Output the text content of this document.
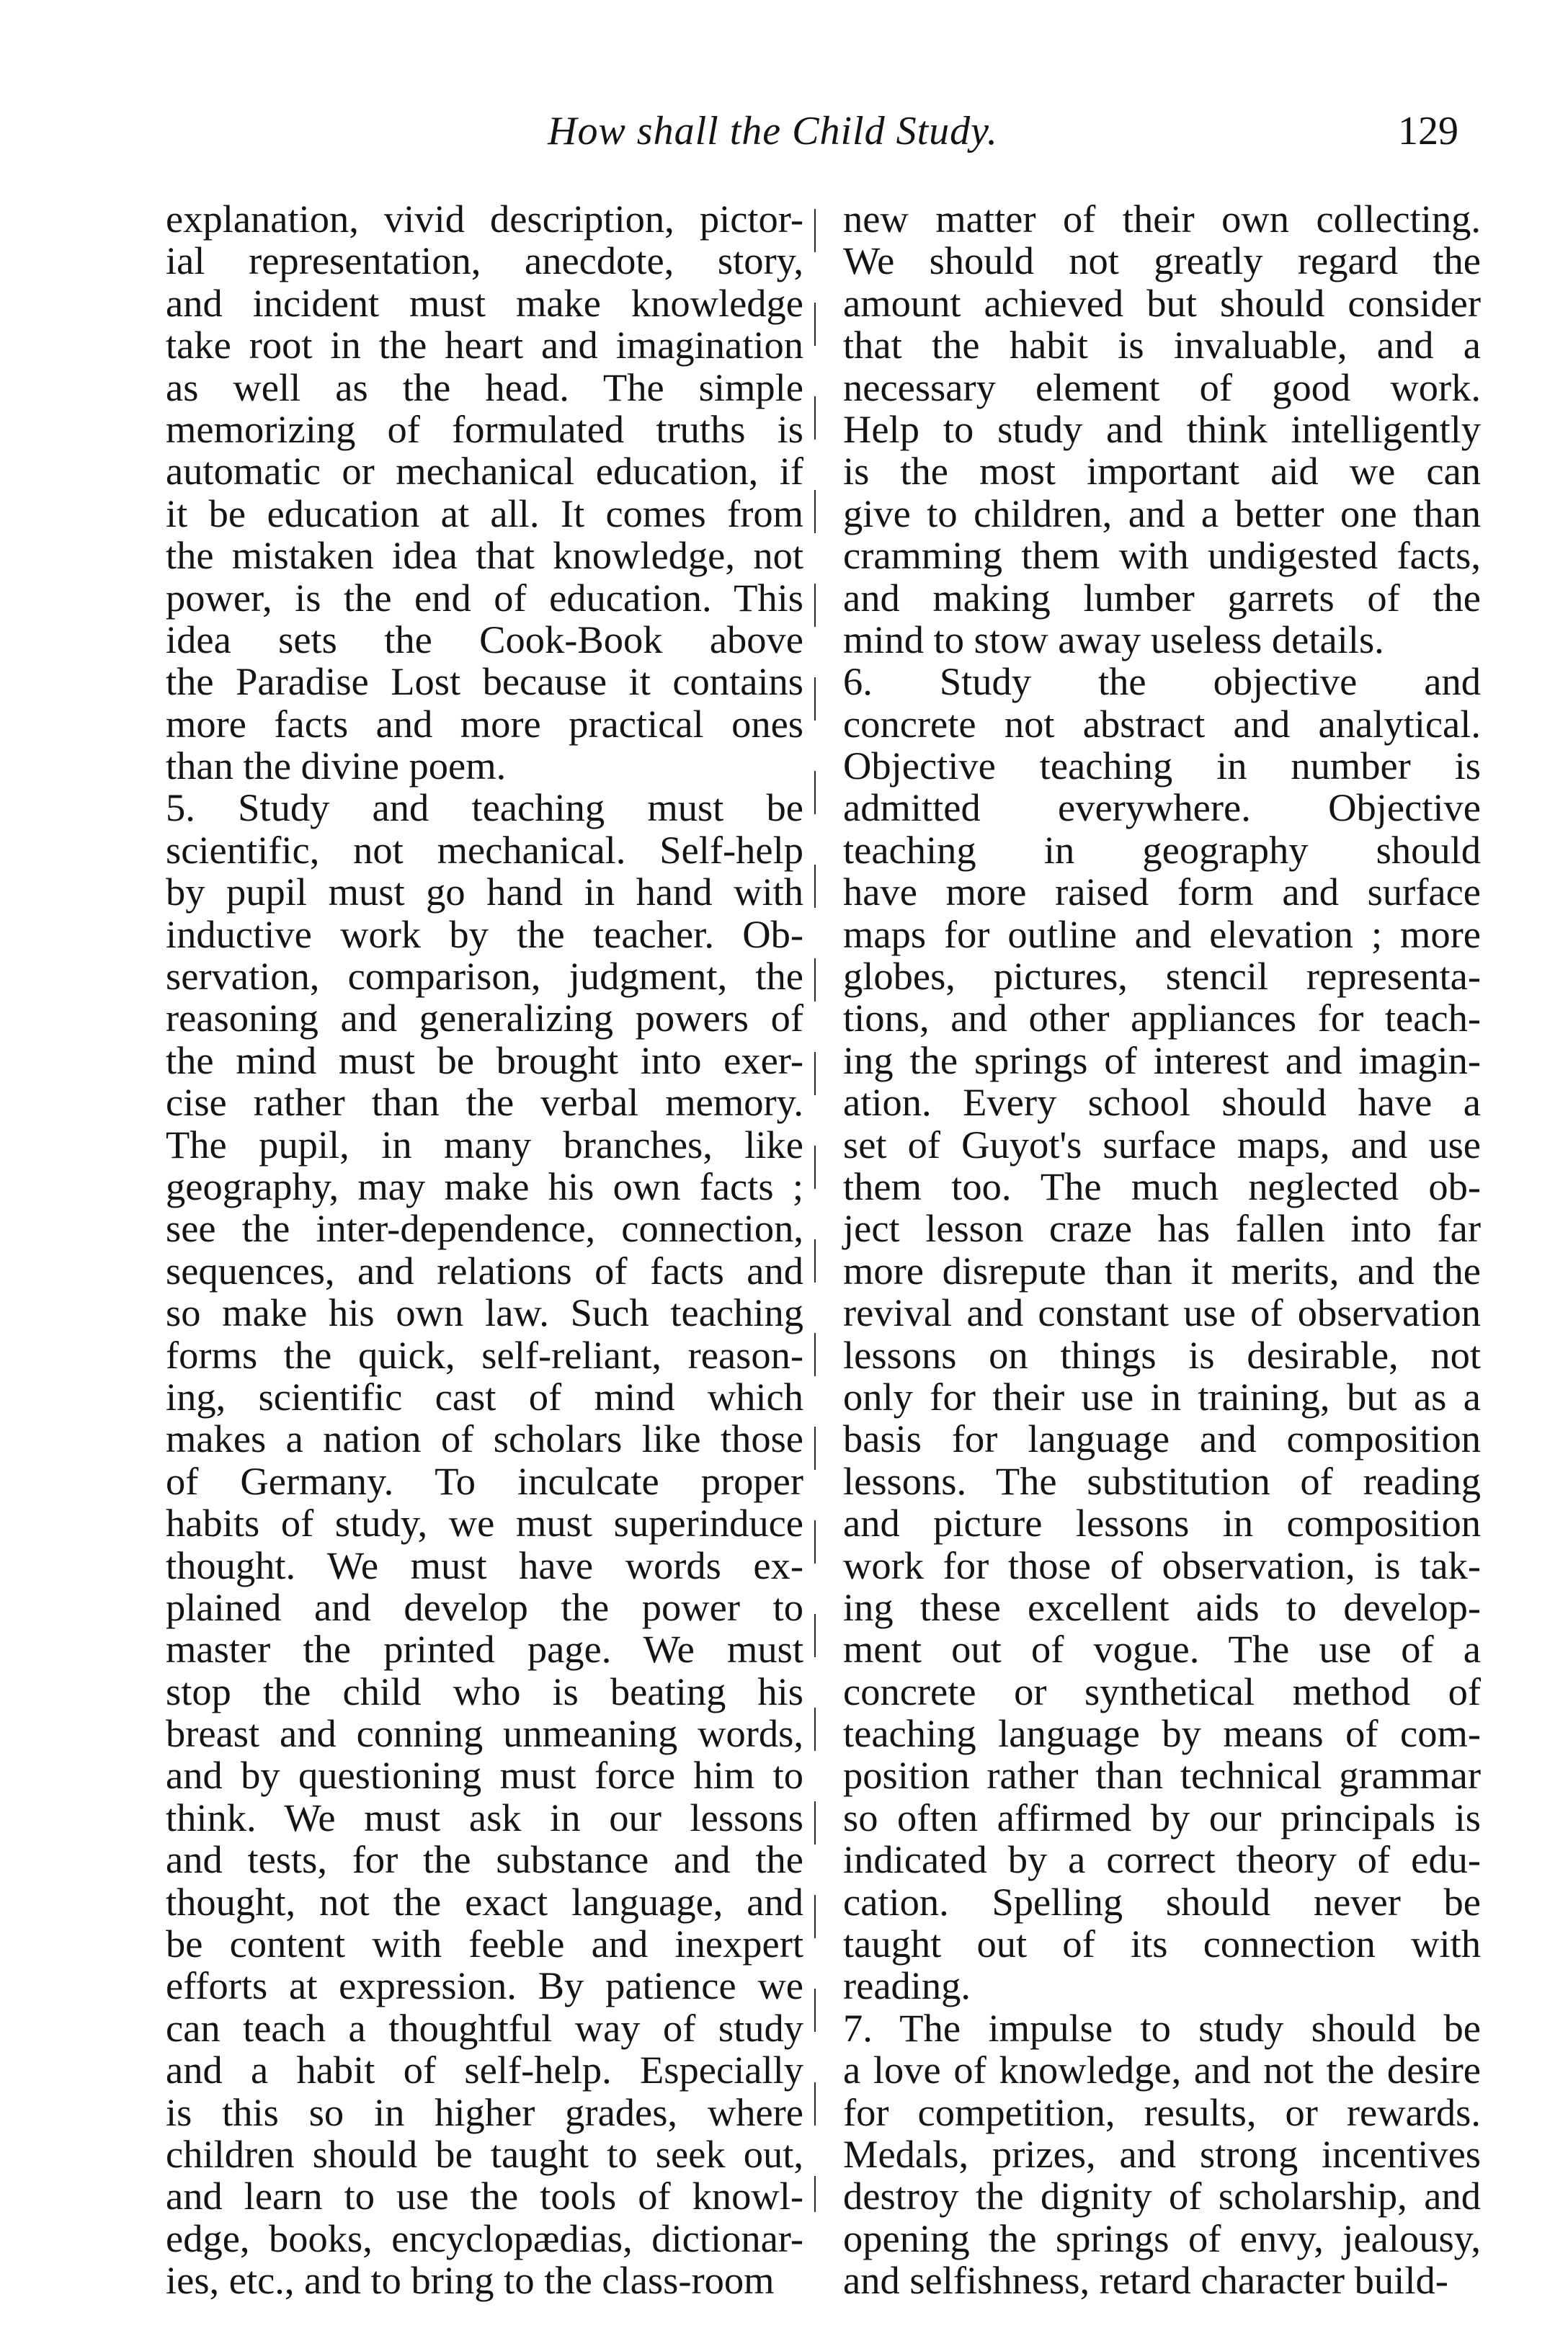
How shall the Child Study.	129
explanation, vivid description, pictor-
ial representation, anecdote, story,
and incident must make knowledge
take root in the heart and imagination
as well as the head. The simple
memorizing of formulated truths is
automatic or mechanical education, if
it be education at all. It comes from
the mistaken idea that knowledge, not
power, is the end of education. This
idea sets the Cook-Book above
the Paradise Lost because it contains
more facts and more practical ones
than the divine poem.
5. Study and teaching must be
scientific, not mechanical. Self-help
by pupil must go hand in hand with
inductive work by the teacher. Ob-
servation, comparison, judgment, the
reasoning and generalizing powers of
the mind must be brought into exer-
cise rather than the verbal memory.
The pupil, in many branches, like
geography, may make his own facts ;
see the inter-dependence, connection,
sequences, and relations of facts and
so make his own law. Such teaching
forms the quick, self-reliant, reason-
ing, scientific cast of mind which
makes a nation of scholars like those
of Germany. To inculcate proper
habits of study, we must superinduce
thought. We must have words ex-
plained and develop the power to
master the printed page. We must
stop the child who is beating his
breast and conning unmeaning words,
and by questioning must force him to
think. We must ask in our lessons
and tests, for the substance and the
thought, not the exact language, and
be content with feeble and inexpert
efforts at expression. By patience we
can teach a thoughtful way of study
and a habit of self-help. Especially
is this so in higher grades, where
children should be taught to seek out,
and learn to use the tools of knowl-
edge, books, encyclopædias, dictionar-
ies, etc., and to bring to the class-room
new matter of their own collecting.
We should not greatly regard the
amount achieved but should consider
that the habit is invaluable, and a
necessary element of good work.
Help to study and think intelligently
is the most important aid we can
give to children, and a better one than
cramming them with undigested facts,
and making lumber garrets of the
mind to stow away useless details.
6. Study the objective and
concrete not abstract and analytical.
Objective teaching in number is
admitted everywhere. Objective
teaching in geography should
have more raised form and surface
maps for outline and elevation ; more
globes, pictures, stencil representa-
tions, and other appliances for teach-
ing the springs of interest and imagin-
ation. Every school should have a
set of Guyot's surface maps, and use
them too. The much neglected ob-
ject lesson craze has fallen into far
more disrepute than it merits, and the
revival and constant use of observation
lessons on things is desirable, not
only for their use in training, but as a
basis for language and composition
lessons. The substitution of reading
and picture lessons in composition
work for those of observation, is tak-
ing these excellent aids to develop-
ment out of vogue. The use of a
concrete or synthetical method of
teaching language by means of com-
position rather than technical grammar
so often affirmed by our principals is
indicated by a correct theory of edu-
cation. Spelling should never be
taught out of its connection with
reading.
7. The impulse to study should be
a love of knowledge, and not the desire
for competition, results, or rewards.
Medals, prizes, and strong incentives
destroy the dignity of scholarship, and
opening the springs of envy, jealousy,
and selfishness, retard character build-
